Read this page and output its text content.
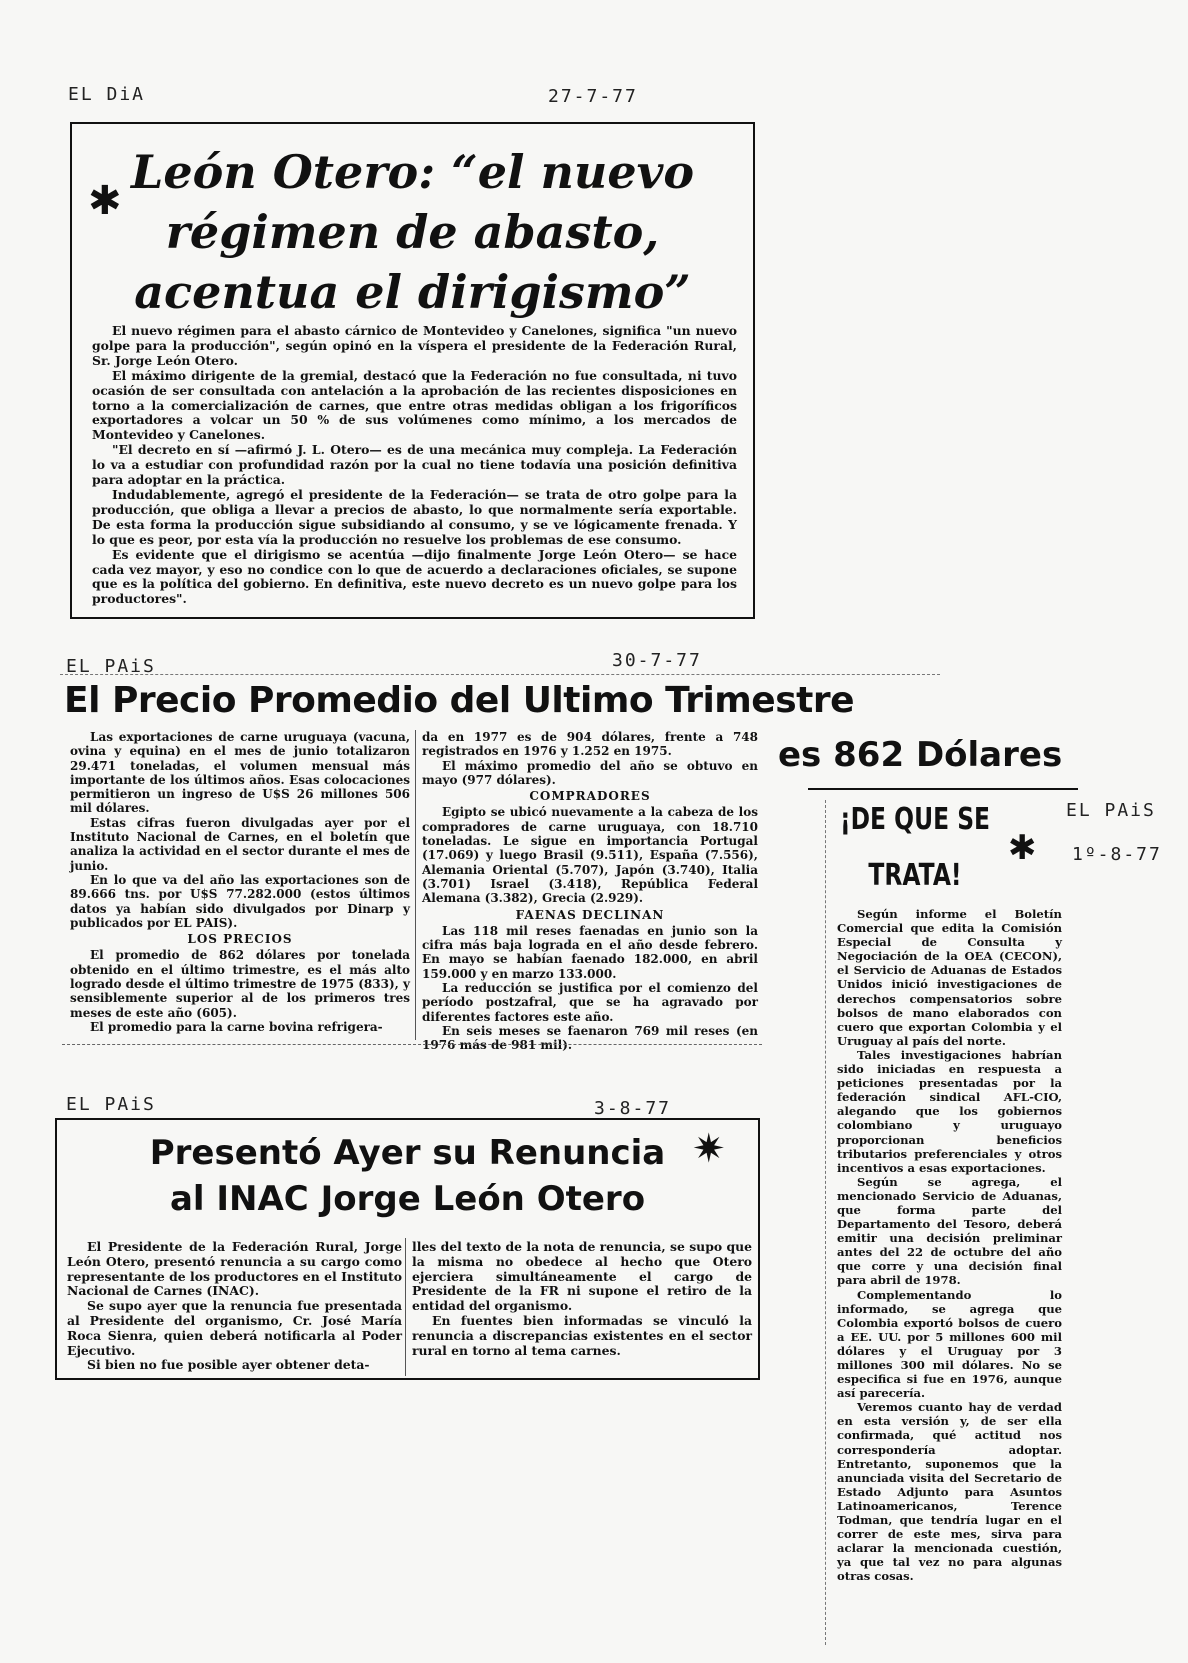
EL DiA	27-7-77
EL PAiS	30-7-77
EL PAiS	3-8-77
EL PAiS
1º-8-77
León Otero: “el nuevo
régimen de abasto,
acentua el dirigismo”

El nuevo régimen para el abasto cárnico de Montevideo y Canelones, significa "un nuevo golpe para la producción", según opinó en la víspera el presidente de la Federación Rural, Sr. Jorge León Otero.

El máximo dirigente de la gremial, destacó que la Federación no fue consultada, ni tuvo ocasión de ser consultada con antelación a la aprobación de las recientes disposiciones en torno a la comercialización de carnes, que entre otras medidas obligan a los frigoríficos exportadores a volcar un 50 % de sus volúmenes como mínimo, a los mercados de Montevideo y Canelones.

"El decreto en sí —afirmó J. L. Otero— es de una mecánica muy compleja. La Federación lo va a estudiar con profundidad razón por la cual no tiene todavía una posición definitiva para adoptar en la práctica.

Indudablemente, agregó el presidente de la Federación— se trata de otro golpe para la producción, que obliga a llevar a precios de abasto, lo que normalmente sería exportable. De esta forma la producción sigue subsidiando al consumo, y se ve lógicamente frenada. Y lo que es peor, por esta vía la producción no resuelve los problemas de ese consumo.

Es evidente que el dirigismo se acentúa —dijo finalmente Jorge León Otero— se hace cada vez mayor, y eso no condice con lo que de acuerdo a declaraciones oficiales, se supone que es la política del gobierno. En definitiva, este nuevo decreto es un nuevo golpe para los productores".

✱
El Precio Promedio del Ultimo Trimestre
es 862 Dólares

Las exportaciones de carne uruguaya (vacuna, ovina y equina) en el mes de junio totalizaron 29.471 toneladas, el volumen mensual más importante de los últimos años. Esas colocaciones permitieron un ingreso de U$S 26 millones 506 mil dólares.

Estas cifras fueron divulgadas ayer por el Instituto Nacional de Carnes, en el boletín que analiza la actividad en el sector durante el mes de junio.

En lo que va del año las exportaciones son de 89.666 tns. por U$S 77.282.000 (estos últimos datos ya habían sido divulgados por Dinarp y publicados por EL PAIS).

LOS PRECIOS

El promedio de 862 dólares por tonelada obtenido en el último trimestre, es el más alto logrado desde el último trimestre de 1975 (833), y sensiblemente superior al de los primeros tres meses de este año (605).

El promedio para la carne bovina refrigera-

da en 1977 es de 904 dólares, frente a 748 registrados en 1976 y 1.252 en 1975.

El máximo promedio del año se obtuvo en mayo (977 dólares).

COMPRADORES

Egipto se ubicó nuevamente a la cabeza de los compradores de carne uruguaya, con 18.710 toneladas. Le sigue en importancia Portugal (17.069) y luego Brasil (9.511), España (7.556), Alemania Oriental (5.707), Japón (3.740), Italia (3.701) Israel (3.418), República Federal Alemana (3.382), Grecia (2.929).

FAENAS DECLINAN

Las 118 mil reses faenadas en junio son la cifra más baja lograda en el año desde febrero. En mayo se habían faenado 182.000, en abril 159.000 y en marzo 133.000.

La reducción se justifica por el comienzo del período postzafral, que se ha agravado por diferentes factores este año.

En seis meses se faenaron 769 mil reses (en 1976 más de 981 mil).

Presentó Ayer su Renuncia
al INAC Jorge León Otero

El Presidente de la Federación Rural, Jorge León Otero, presentó renuncia a su cargo como representante de los productores en el Instituto Nacional de Carnes (INAC).

Se supo ayer que la renuncia fue presentada al Presidente del organismo, Cr. José María Roca Sienra, quien deberá notificarla al Poder Ejecutivo.

Si bien no fue posible ayer obtener deta-

lles del texto de la nota de renuncia, se supo que la misma no obedece al hecho que Otero ejerciera simultáneamente el cargo de Presidente de la FR ni supone el retiro de la entidad del organismo.

En fuentes bien informadas se vinculó la renuncia a discrepancias existentes en el sector rural en torno al tema carnes.

✷
¡DE QUE SE
TRATA!
✱

Según informe el Boletín Comercial que edita la Comisión Especial de Consulta y Negociación de la OEA (CECON), el Servicio de Aduanas de Estados Unidos inició investigaciones de derechos compensatorios sobre bolsos de mano elaborados con cuero que exportan Colombia y el Uruguay al país del norte.

Tales investigaciones habrían sido iniciadas en respuesta a peticiones presentadas por la federación sindical AFL-CIO, alegando que los gobiernos colombiano y uruguayo proporcionan beneficios tributarios preferenciales y otros incentivos a esas exportaciones.

Según se agrega, el mencionado Servicio de Aduanas, que forma parte del Departamento del Tesoro, deberá emitir una decisión preliminar antes del 22 de octubre del año que corre y una decisión final para abril de 1978.

Complementando lo informado, se agrega que Colombia exportó bolsos de cuero a EE. UU. por 5 millones 600 mil dólares y el Uruguay por 3 millones 300 mil dólares. No se especifica si fue en 1976, aunque así parecería.

Veremos cuanto hay de verdad en esta versión y, de ser ella confirmada, qué actitud nos correspondería adoptar. Entretanto, suponemos que la anunciada visita del Secretario de Estado Adjunto para Asuntos Latinoamericanos, Terence Todman, que tendría lugar en el correr de este mes, sirva para aclarar la mencionada cuestión, ya que tal vez no para algunas otras cosas.
